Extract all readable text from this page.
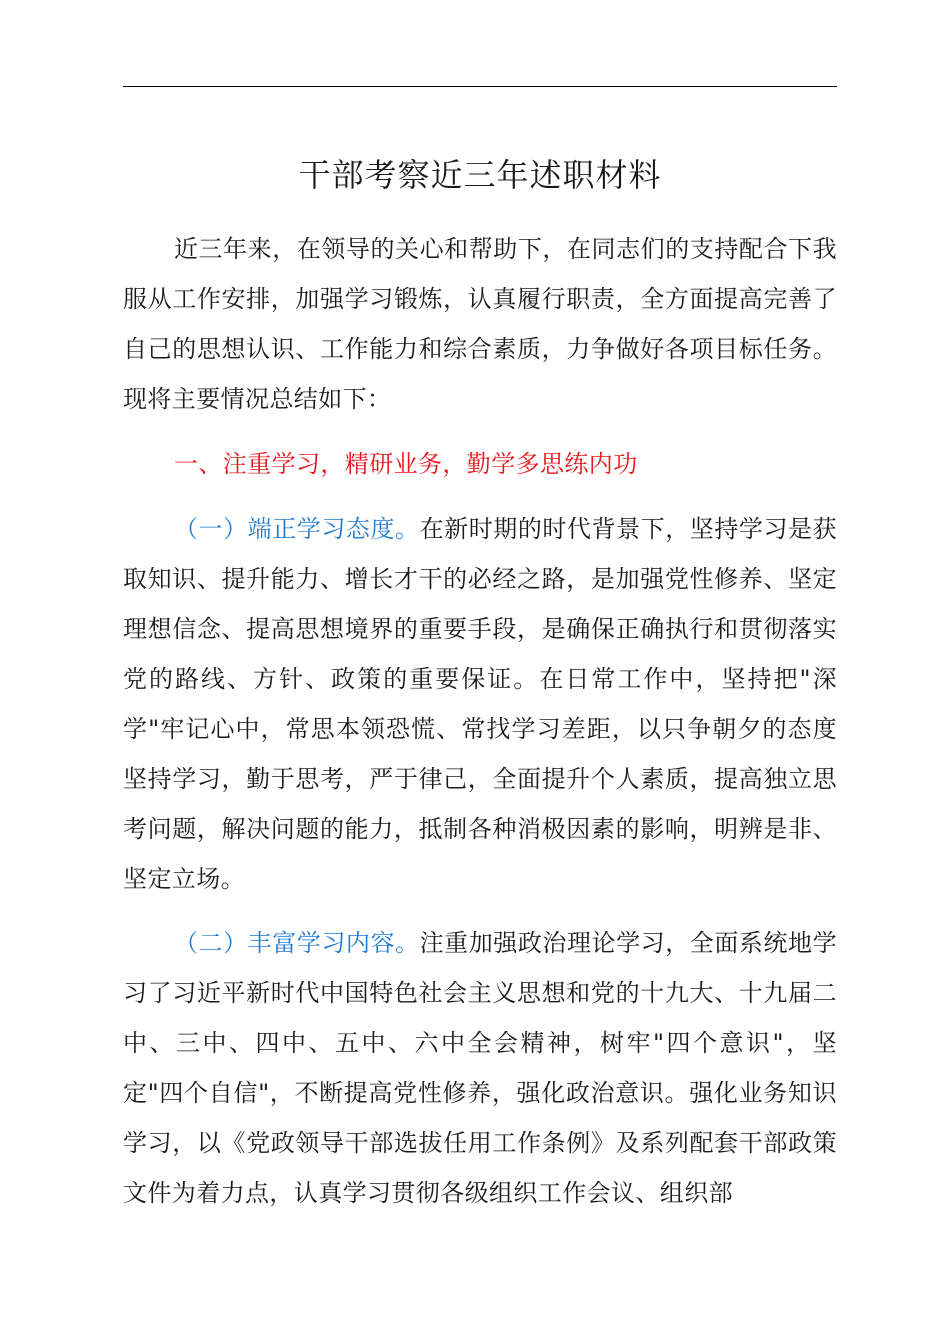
干部考察近三年述职材料

近三年来，在领导的关心和帮助下，在同志们的支持配合下我服从工作安排，加强学习锻炼，认真履行职责，全方面提高完善了自己的思想认识、工作能力和综合素质，力争做好各项目标任务。现将主要情况总结如下：

一、注重学习，精研业务，勤学多思练内功

（一）端正学习态度。在新时期的时代背景下，坚持学习是获取知识、提升能力、增长才干的必经之路，是加强党性修养、坚定理想信念、提高思想境界的重要手段，是确保正确执行和贯彻落实党的路线、方针、政策的重要保证。在日常工作中，坚持把"深学"牢记心中，常思本领恐慌、常找学习差距，以只争朝夕的态度坚持学习，勤于思考，严于律己，全面提升个人素质，提高独立思考问题，解决问题的能力，抵制各种消极因素的影响，明辨是非、坚定立场。

（二）丰富学习内容。注重加强政治理论学习，全面系统地学习了习近平新时代中国特色社会主义思想和党的十九大、十九届二中、三中、四中、五中、六中全会精神，树牢"四个意识"，坚定"四个自信"，不断提高党性修养，强化政治意识。强化业务知识学习，以《党政领导干部选拔任用工作条例》及系列配套干部政策文件为着力点，认真学习贯彻各级组织工作会议、组织部
